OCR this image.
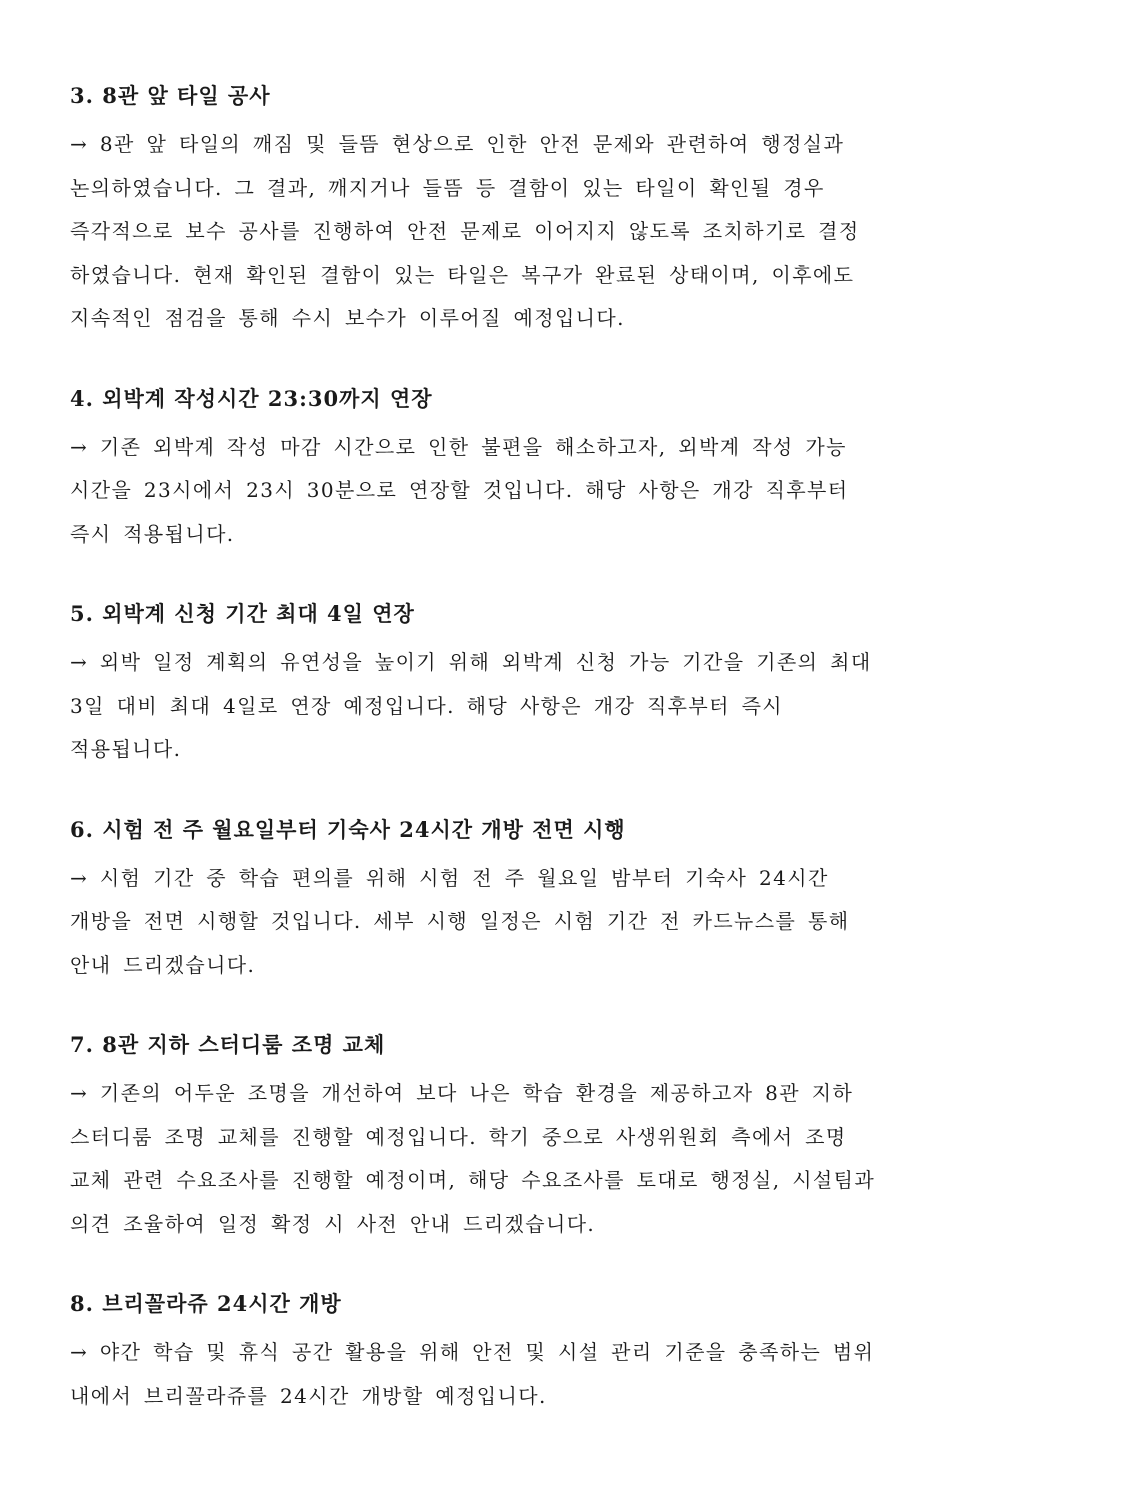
3. 8관 앞 타일 공사
→ 8관 앞 타일의 깨짐 및 들뜸 현상으로 인한 안전 문제와 관련하여 행정실과
논의하였습니다. 그 결과, 깨지거나 들뜸 등 결함이 있는 타일이 확인될 경우
즉각적으로 보수 공사를 진행하여 안전 문제로 이어지지 않도록 조치하기로 결정
하였습니다. 현재 확인된 결함이 있는 타일은 복구가 완료된 상태이며, 이후에도
지속적인 점검을 통해 수시 보수가 이루어질 예정입니다.
4. 외박계 작성시간 23:30까지 연장
→ 기존 외박계 작성 마감 시간으로 인한 불편을 해소하고자, 외박계 작성 가능
시간을 23시에서 23시 30분으로 연장할 것입니다. 해당 사항은 개강 직후부터
즉시 적용됩니다.
5. 외박계 신청 기간 최대 4일 연장
→ 외박 일정 계획의 유연성을 높이기 위해 외박계 신청 가능 기간을 기존의 최대
3일 대비 최대 4일로 연장 예정입니다. 해당 사항은 개강 직후부터 즉시
적용됩니다.
6. 시험 전 주 월요일부터 기숙사 24시간 개방 전면 시행
→ 시험 기간 중 학습 편의를 위해 시험 전 주 월요일 밤부터 기숙사 24시간
개방을 전면 시행할 것입니다. 세부 시행 일정은 시험 기간 전 카드뉴스를 통해
안내 드리겠습니다.
7. 8관 지하 스터디룸 조명 교체
→ 기존의 어두운 조명을 개선하여 보다 나은 학습 환경을 제공하고자 8관 지하
스터디룸 조명 교체를 진행할 예정입니다. 학기 중으로 사생위원회 측에서 조명
교체 관련 수요조사를 진행할 예정이며, 해당 수요조사를 토대로 행정실, 시설팀과
의견 조율하여 일정 확정 시 사전 안내 드리겠습니다.
8. 브리꼴라쥬 24시간 개방
→ 야간 학습 및 휴식 공간 활용을 위해 안전 및 시설 관리 기준을 충족하는 범위
내에서 브리꼴라쥬를 24시간 개방할 예정입니다.
